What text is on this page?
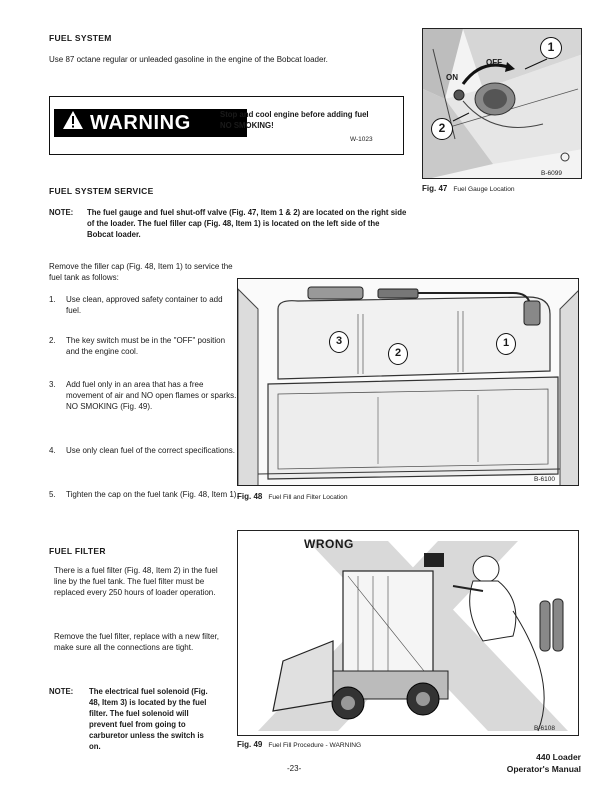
FUEL SYSTEM
Use 87 octane regular or unleaded gasoline in the engine of the Bobcat loader.
WARNING	Stop and cool engine before adding fuel
NO SMOKING!
W-1023
ON
OFF
1
2
B-6099
Fig. 47 Fuel Gauge Location
FUEL SYSTEM SERVICE
NOTE: The fuel gauge and fuel shut-off valve (Fig. 47, Item 1 & 2) are located on the right side of the loader. The fuel filler cap (Fig. 48, Item 1) is located on the left side of the Bobcat loader.
Remove the filler cap (Fig. 48, Item 1) to service the fuel tank as follows:
1. Use clean, approved safety container to add fuel.
2. The key switch must be in the "OFF" position and the engine cool.
3. Add fuel only in an area that has a free movement of air and NO open flames or sparks. NO SMOKING (Fig. 49).
4. Use only clean fuel of the correct specifications.
5. Tighten the cap on the fuel tank (Fig. 48, Item 1).
3
2
1
B-6100
Fig. 48 Fuel Fill and Filter Location
FUEL FILTER
There is a fuel filter (Fig. 48, Item 2) in the fuel line by the fuel tank. The fuel filter must be replaced every 250 hours of loader operation.
Remove the fuel filter, replace with a new filter, make sure all the connections are tight.
NOTE: The electrical fuel solenoid (Fig. 48, Item 3) is located by the fuel filter. The fuel solenoid will prevent fuel from going to carburetor unless the switch is on.
WRONG
B-6108
Fig. 49 Fuel Fill Procedure - WARNING
-23-
440 Loader
Operator's Manual
